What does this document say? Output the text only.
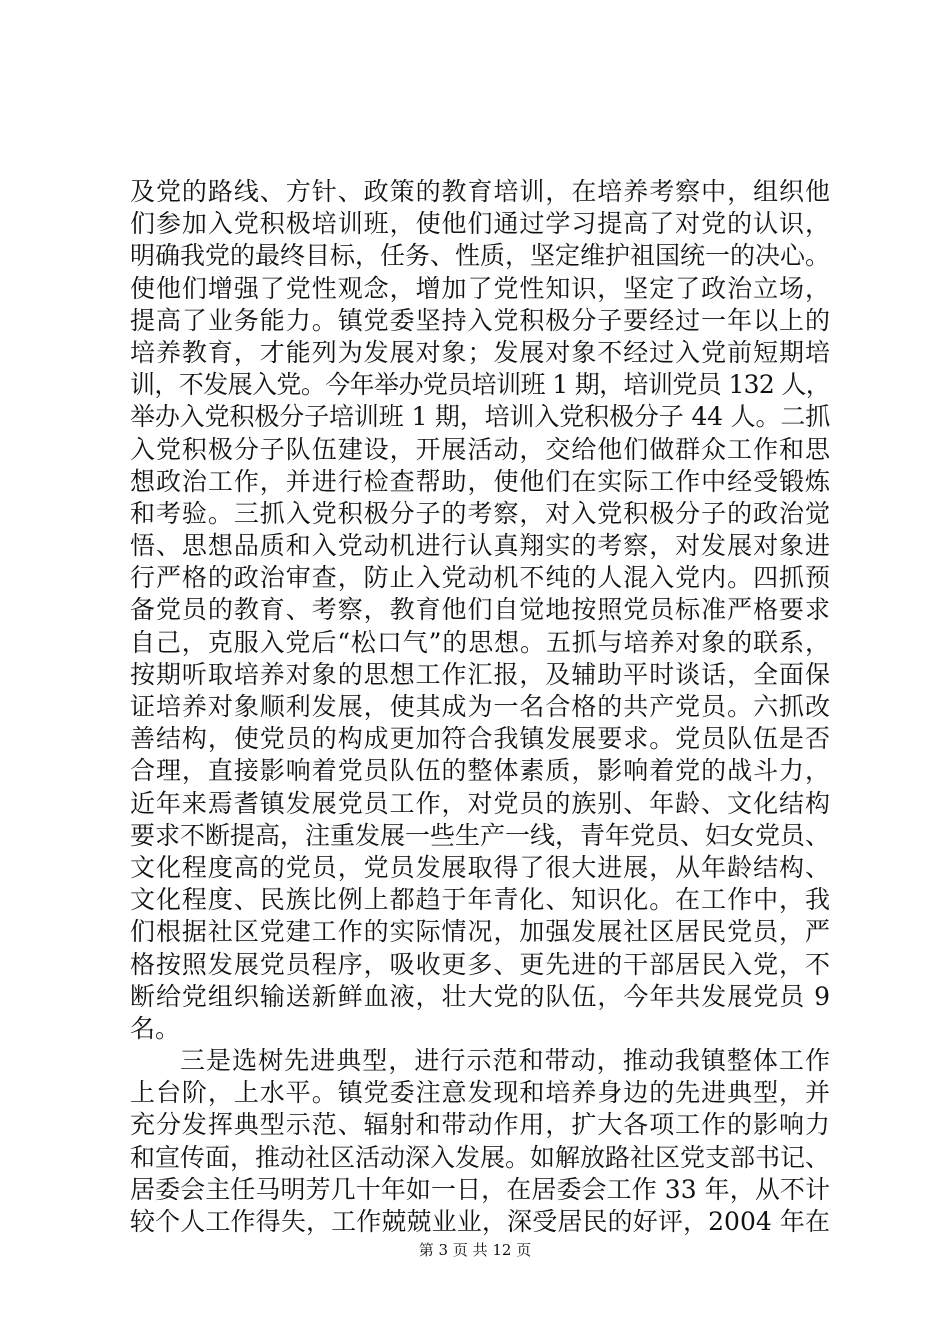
及党的路线、方针、政策的教育培训，在培养考察中，组织他
们参加入党积极培训班，使他们通过学习提高了对党的认识，
明确我党的最终目标，任务、性质，坚定维护祖国统一的决心。
使他们增强了党性观念，增加了党性知识，坚定了政治立场，
提高了业务能力。镇党委坚持入党积极分子要经过一年以上的
培养教育，才能列为发展对象；发展对象不经过入党前短期培
训，不发展入党。今年举办党员培训班 1 期，培训党员 132 人，
举办入党积极分子培训班 1 期，培训入党积极分子 44 人。二抓
入党积极分子队伍建设，开展活动，交给他们做群众工作和思
想政治工作，并进行检查帮助，使他们在实际工作中经受锻炼
和考验。三抓入党积极分子的考察，对入党积极分子的政治觉
悟、思想品质和入党动机进行认真翔实的考察，对发展对象进
行严格的政治审查，防止入党动机不纯的人混入党内。四抓预
备党员的教育、考察，教育他们自觉地按照党员标准严格要求
自己，克服入党后“松口气”的思想。五抓与培养对象的联系，
按期听取培养对象的思想工作汇报，及辅助平时谈话，全面保
证培养对象顺利发展，使其成为一名合格的共产党员。六抓改
善结构，使党员的构成更加符合我镇发展要求。党员队伍是否
合理，直接影响着党员队伍的整体素质，影响着党的战斗力，
近年来焉耆镇发展党员工作，对党员的族别、年龄、文化结构
要求不断提高，注重发展一些生产一线，青年党员、妇女党员、
文化程度高的党员，党员发展取得了很大进展，从年龄结构、
文化程度、民族比例上都趋于年青化、知识化。在工作中，我
们根据社区党建工作的实际情况，加强发展社区居民党员，严
格按照发展党员程序，吸收更多、更先进的干部居民入党，不
断给党组织输送新鲜血液，壮大党的队伍，今年共发展党员 9
名。
三是选树先进典型，进行示范和带动，推动我镇整体工作
上台阶，上水平。镇党委注意发现和培养身边的先进典型，并
充分发挥典型示范、辐射和带动作用，扩大各项工作的影响力
和宣传面，推动社区活动深入发展。如解放路社区党支部书记、
居委会主任马明芳几十年如一日，在居委会工作 33 年，从不计
较个人工作得失，工作兢兢业业，深受居民的好评，2004 年在
第 3 页 共 12 页
